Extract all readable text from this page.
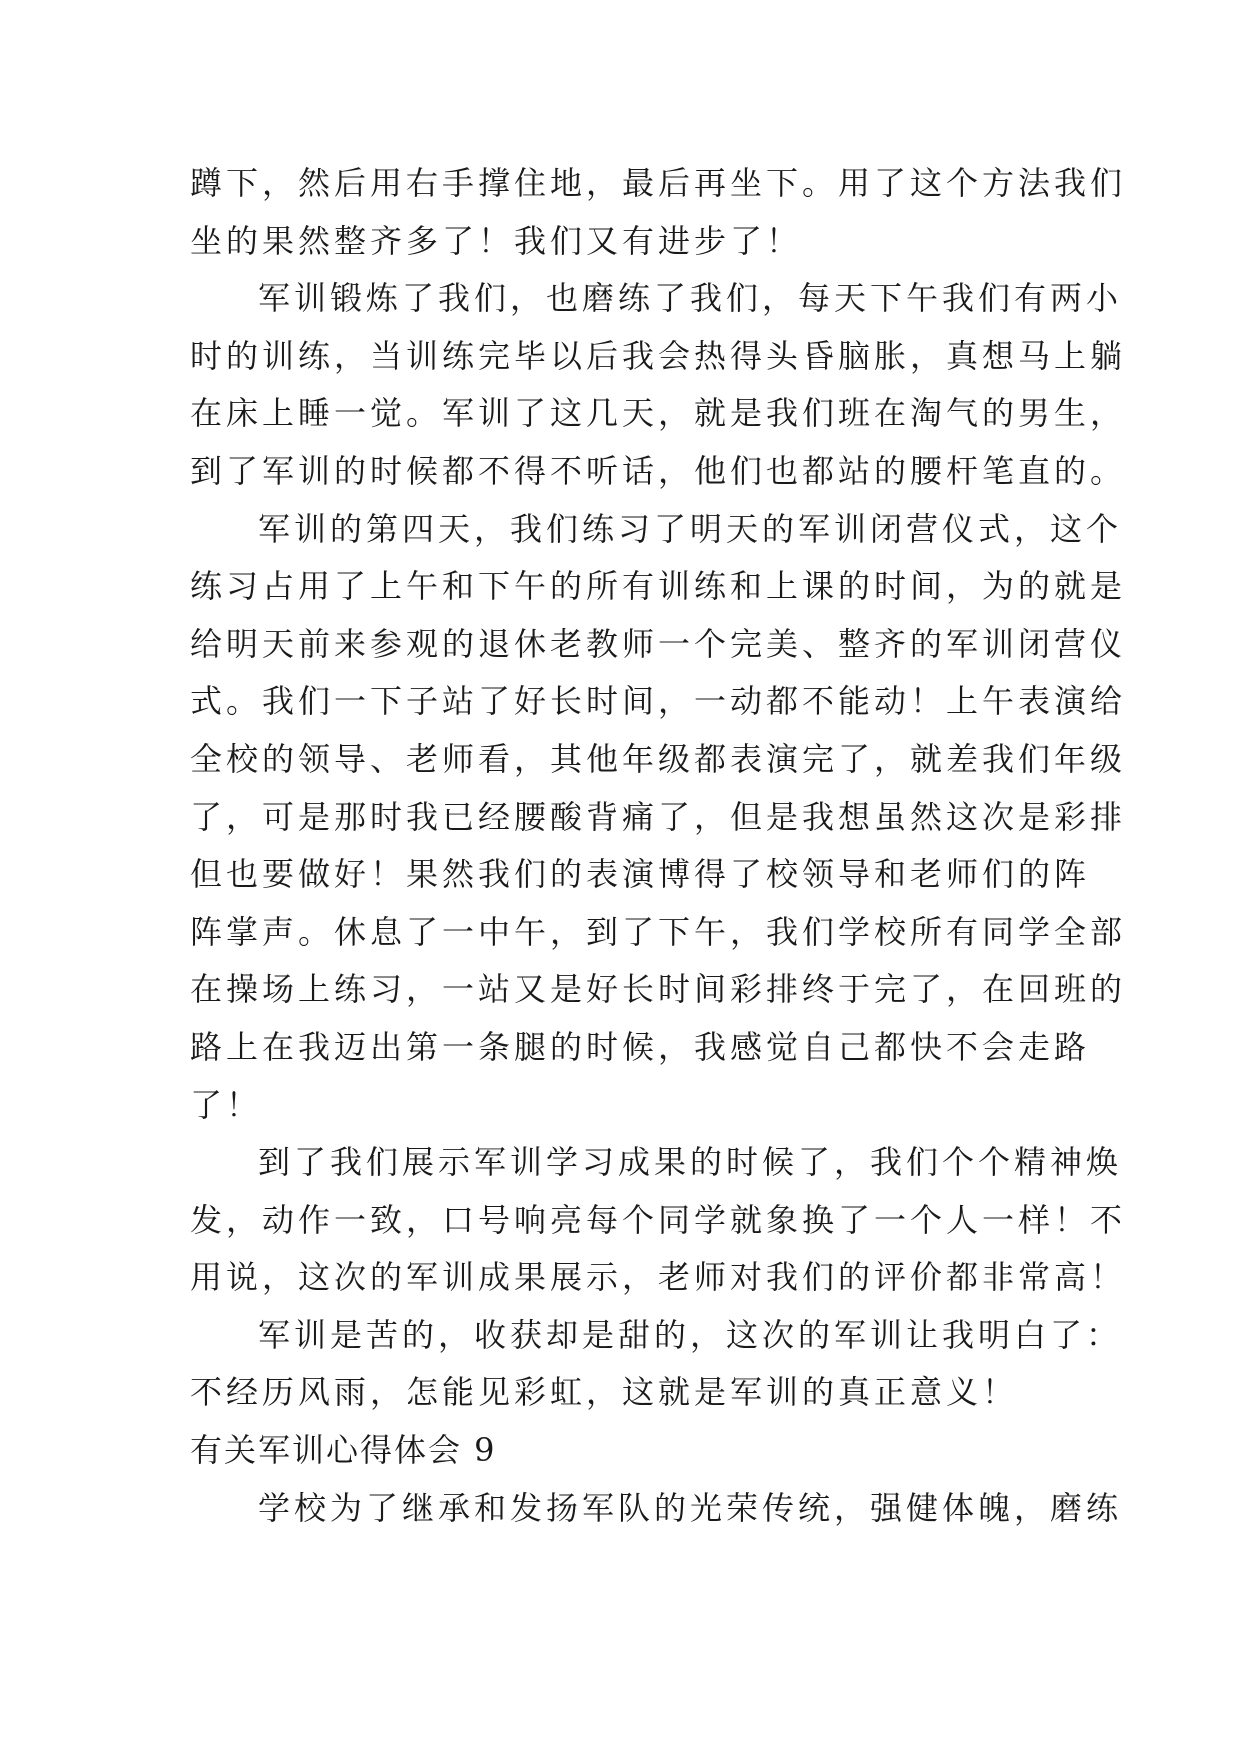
蹲下，然后用右手撑住地，最后再坐下。用了这个方法我们
坐的果然整齐多了！我们又有进步了！
军训锻炼了我们，也磨练了我们，每天下午我们有两小
时的训练，当训练完毕以后我会热得头昏脑胀，真想马上躺
在床上睡一觉。军训了这几天，就是我们班在淘气的男生，
到了军训的时候都不得不听话，他们也都站的腰杆笔直的。
军训的第四天，我们练习了明天的军训闭营仪式，这个
练习占用了上午和下午的所有训练和上课的时间，为的就是
给明天前来参观的退休老教师一个完美、整齐的军训闭营仪
式。我们一下子站了好长时间，一动都不能动！上午表演给
全校的领导、老师看，其他年级都表演完了，就差我们年级
了，可是那时我已经腰酸背痛了，但是我想虽然这次是彩排
但也要做好！果然我们的表演博得了校领导和老师们的阵
阵掌声。休息了一中午，到了下午，我们学校所有同学全部
在操场上练习，一站又是好长时间彩排终于完了，在回班的
路上在我迈出第一条腿的时候，我感觉自己都快不会走路
了！
到了我们展示军训学习成果的时候了，我们个个精神焕
发，动作一致，口号响亮每个同学就象换了一个人一样！不
用说，这次的军训成果展示，老师对我们的评价都非常高！
军训是苦的，收获却是甜的，这次的军训让我明白了：
不经历风雨，怎能见彩虹，这就是军训的真正意义！
有关军训心得体会 9
学校为了继承和发扬军队的光荣传统，强健体魄，磨练
